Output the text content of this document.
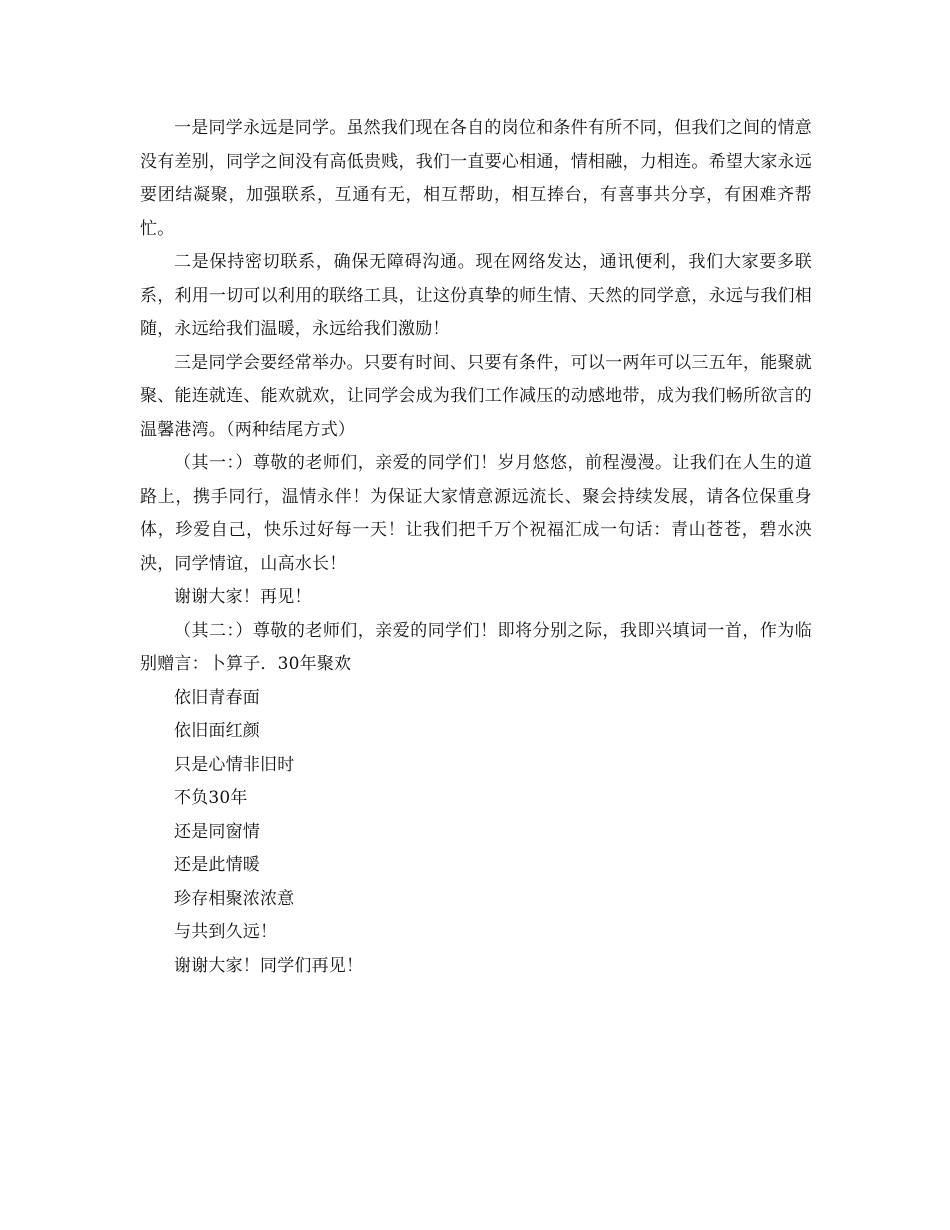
一是同学永远是同学。虽然我们现在各自的岗位和条件有所不同，但我们之间的情意没有差别，同学之间没有高低贵贱，我们一直要心相通，情相融，力相连。希望大家永远要团结凝聚，加强联系，互通有无，相互帮助，相互捧台，有喜事共分享，有困难齐帮忙。

二是保持密切联系，确保无障碍沟通。现在网络发达，通讯便利，我们大家要多联系，利用一切可以利用的联络工具，让这份真挚的师生情、天然的同学意，永远与我们相随，永远给我们温暖，永远给我们激励！

三是同学会要经常举办。只要有时间、只要有条件，可以一两年可以三五年，能聚就聚、能连就连、能欢就欢，让同学会成为我们工作减压的动感地带，成为我们畅所欲言的温馨港湾。（两种结尾方式）

（其一：）尊敬的老师们，亲爱的同学们！岁月悠悠，前程漫漫。让我们在人生的道路上，携手同行，温情永伴！为保证大家情意源远流长、聚会持续发展，请各位保重身体，珍爱自己，快乐过好每一天！让我们把千万个祝福汇成一句话：青山苍苍，碧水泱泱，同学情谊，山高水长！

谢谢大家！再见！

（其二：）尊敬的老师们，亲爱的同学们！即将分别之际，我即兴填词一首，作为临别赠言：卜算子．30年聚欢

依旧青春面

依旧面红颜

只是心情非旧时

不负30年

还是同窗情

还是此情暖

珍存相聚浓浓意

与共到久远！

谢谢大家！同学们再见！
